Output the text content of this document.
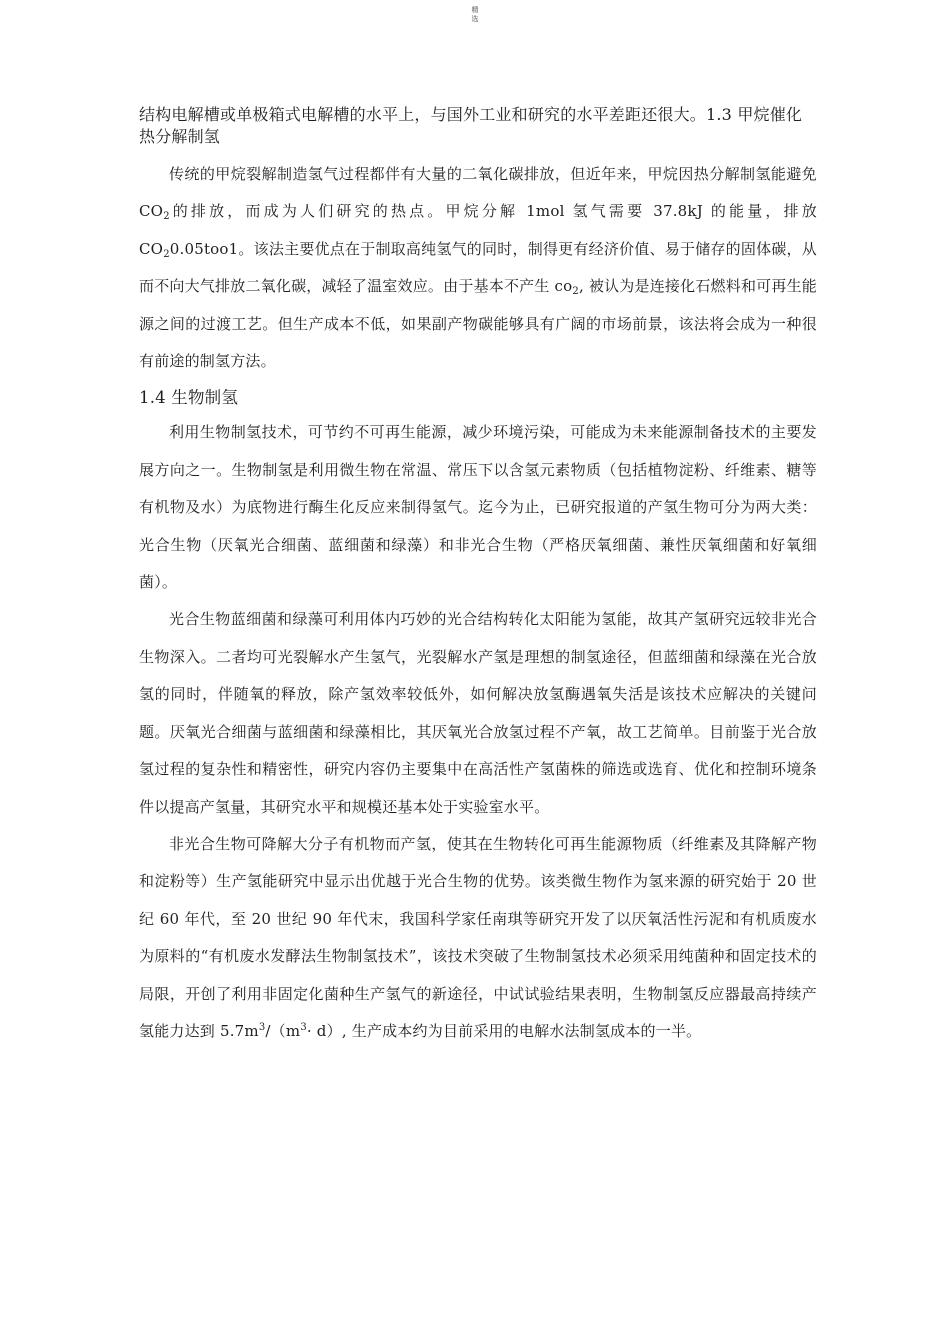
精
选
结构电解槽或单极箱式电解槽的水平上，与国外工业和研究的水平差距还很大。1.3 甲烷催化热分解制氢

传统的甲烷裂解制造氢气过程都伴有大量的二氧化碳排放，但近年来，甲烷因热分解制氢能避免 $CO_2$的排放，而成为人们研究的热点。甲烷分解 1mol 氢气需要 37.8kJ 的能量，排放 $CO_20.05too1$。该法主要优点在于制取高纯氢气的同时，制得更有经济价值、易于储存的固体碳，从而不向大气排放二氧化碳，减轻了温室效应。由于基本不产生 $co_2$, 被认为是连接化石燃料和可再生能源之间的过渡工艺。但生产成本不低，如果副产物碳能够具有广阔的市场前景，该法将会成为一种很有前途的制氢方法。

1.4 生物制氢

利用生物制氢技术，可节约不可再生能源，减少环境污染，可能成为未来能源制备技术的主要发展方向之一。生物制氢是利用微生物在常温、常压下以含氢元素物质（包括植物淀粉、纤维素、糖等有机物及水）为底物进行酶生化反应来制得氢气。迄今为止，已研究报道的产氢生物可分为两大类：光合生物（厌氧光合细菌、蓝细菌和绿藻）和非光合生物（严格厌氧细菌、兼性厌氧细菌和好氧细菌）。

光合生物蓝细菌和绿藻可利用体内巧妙的光合结构转化太阳能为氢能，故其产氢研究远较非光合生物深入。二者均可光裂解水产生氢气，光裂解水产氢是理想的制氢途径，但蓝细菌和绿藻在光合放氢的同时，伴随氧的释放，除产氢效率较低外，如何解决放氢酶遇氧失活是该技术应解决的关键问题。厌氧光合细菌与蓝细菌和绿藻相比，其厌氧光合放氢过程不产氧，故工艺简单。目前鉴于光合放氢过程的复杂性和精密性，研究内容仍主要集中在高活性产氢菌株的筛选或选育、优化和控制环境条件以提高产氢量，其研究水平和规模还基本处于实验室水平。

非光合生物可降解大分子有机物而产氢，使其在生物转化可再生能源物质（纤维素及其降解产物和淀粉等）生产氢能研究中显示出优越于光合生物的优势。该类微生物作为氢来源的研究始于 20 世纪 60 年代，至 20 世纪 90 年代末，我国科学家任南琪等研究开发了以厌氧活性污泥和有机质废水为原料的“有机废水发酵法生物制氢技术”，该技术突破了生物制氢技术必须采用纯菌种和固定技术的局限，开创了利用非固定化菌种生产氢气的新途径，中试试验结果表明，生物制氢反应器最高持续产氢能力达到 $5.7m^3/(m^3\cdot d)$, 生产成本约为目前采用的电解水法制氢成本的一半。
